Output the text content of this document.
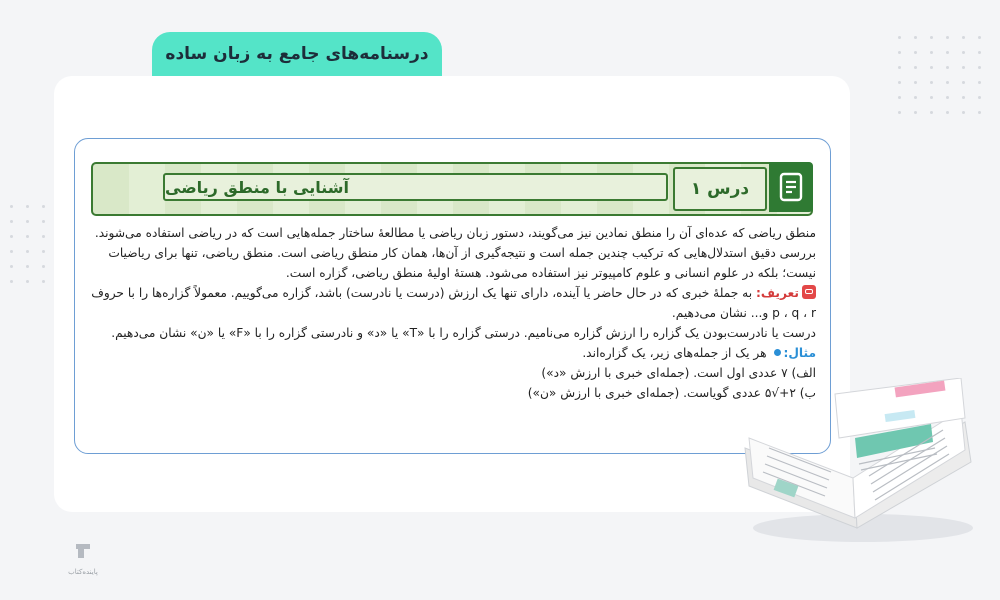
درسنامه‌های جامع به زبان ساده
آشنایی با منطق ریاضی	درس ۱

منطق ریاضی که عده‌ای آن را منطق نمادین نیز می‌گویند، دستور زبان ریاضی یا مطالعهٔ ساختار جمله‌هایی است که در ریاضی استفاده می‌شوند. بررسی دقیق استدلال‌هایی که ترکیب چندین جمله است و نتیجه‌گیری از آن‌ها، همان کار منطق ریاضی است. منطق ریاضی، تنها برای ریاضیات نیست؛ بلکه در علوم انسانی و علوم کامپیوتر نیز استفاده می‌شود. هستهٔ اولیهٔ منطق ریاضی، گزاره است.

تعریف: به جملهٔ خبری که در حال حاضر یا آینده، دارای تنها یک ارزش (درست یا نادرست) باشد، گزاره می‌گوییم. معمولاً گزاره‌ها را با حروف p ، q ، r و... نشان می‌دهیم.

درست یا نادرست‌بودن یک گزاره را ارزش گزاره می‌نامیم. درستی گزاره را با «T» یا «د» و نادرستی گزاره را با «F» یا «ن» نشان می‌دهیم.

مثال: هر یک از جمله‌های زیر، یک گزاره‌اند.

الف) ۷ عددی اول است. (جمله‌ای خبری با ارزش «د»)

ب) ۲+√۵ عددی گویاست. (جمله‌ای خبری با ارزش «ن»)

پاینده‌کتاب
